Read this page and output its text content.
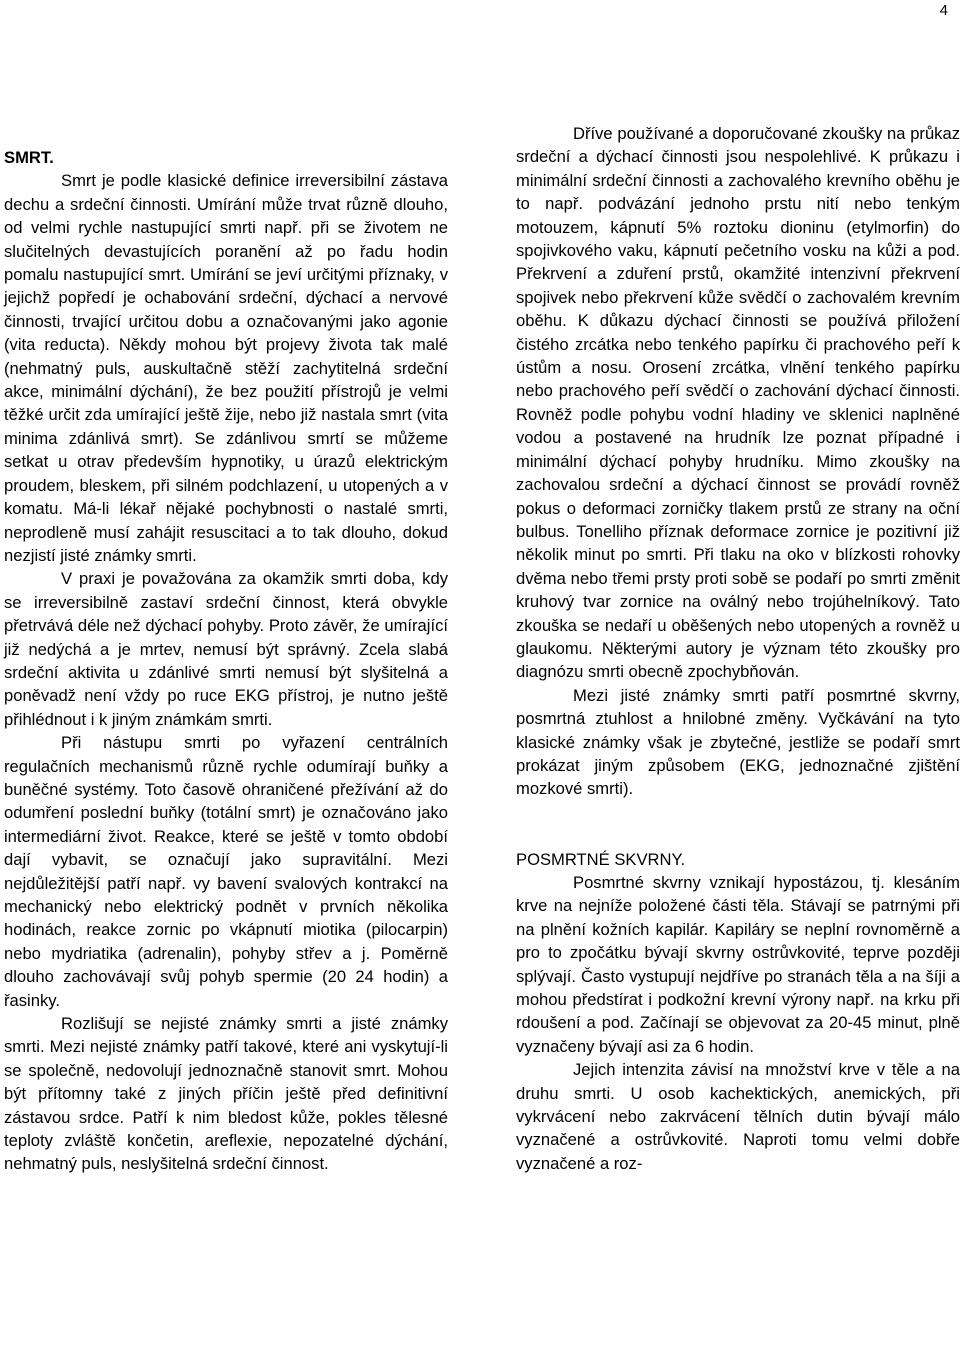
4

SMRT.

Smrt je podle klasické definice irreversibilní zástava dechu a srdeční činnosti. Umírání může trvat různě dlouho, od velmi rychle nastupující smrti např. při se životem ne slučitelných devastujících poranění až po řadu hodin pomalu nastupující smrt. Umírání se jeví určitými příznaky, v jejichž popředí je ochabování srdeční, dýchací a nervové činnosti, trvající určitou dobu a označovanými jako agonie (vita reducta). Někdy mohou být projevy života tak malé (nehmatný puls, auskultačně stěží zachytitelná srdeční akce, minimální dýchání), že bez použití přístrojů je velmi těžké určit zda umírající ještě žije, nebo již nastala smrt (vita minima zdánlivá smrt). Se zdánlivou smrtí se můžeme setkat u otrav především hypnotiky, u úrazů elektrickým proudem, bleskem, při silném podchlazení, u utopených a v komatu. Má-li lékař nějaké pochybnosti o nastalé smrti, neprodleně musí zahájit resuscitaci a to tak dlouho, dokud nezjistí jisté známky smrti.

V praxi je považována za okamžik smrti doba, kdy se irreversibilně zastaví srdeční činnost, která obvykle přetrvává déle než dýchací pohyby. Proto závěr, že umírající již nedýchá a je mrtev, nemusí být správný. Zcela slabá srdeční aktivita u zdánlivé smrti nemusí být slyšitelná a poněvadž není vždy po ruce EKG přístroj, je nutno ještě přihlédnout i k jiným známkám smrti.

Při nástupu smrti po vyřazení centrálních regulačních mechanismů různě rychle odumírají buňky a buněčné systémy. Toto časově ohraničené přežívání až do odumření poslední buňky (totální smrt) je označováno jako intermediární život. Reakce, které se ještě v tomto období dají vybavit, se označují jako supravitální. Mezi nejdůležitější patří např. vy bavení svalových kontrakcí na mechanický nebo elektrický podnět v prvních několika hodinách, reakce zornic po vkápnutí miotika (pilocarpin) nebo mydriatika (adrenalin), pohyby střev a j. Poměrně dlouho zachovávají svůj pohyb spermie (20 24 hodin) a řasinky.

Rozlišují se nejisté známky smrti a jisté známky smrti. Mezi nejisté známky patří takové, které ani vyskytují-li se společně, nedovolují jednoznačně stanovit smrt. Mohou být přítomny také z jiných příčin ještě před definitivní zástavou srdce. Patří k nim bledost kůže, pokles tělesné teploty zvláště končetin, areflexie, nepozatelné dýchání, nehmatný puls, neslyšitelná srdeční činnost.

Dříve používané a doporučované zkoušky na průkaz srdeční a dýchací činnosti jsou nespolehlivé. K průkazu i minimální srdeční činnosti a zachovalého krevního oběhu je to např. podvázání jednoho prstu nití nebo tenkým motouzem, kápnutí 5% roztoku dioninu (etylmorfin) do spojivkového vaku, kápnutí pečetního vosku na kůži a pod. Překrvení a zduření prstů, okamžité intenzivní překrvení spojivek nebo překrvení kůže svědčí o zachovalém krevním oběhu. K důkazu dýchací činnosti se používá přiložení čistého zrcátka nebo tenkého papírku či prachového peří k ústům a nosu. Orosení zrcátka, vlnění tenkého papírku nebo prachového peří svědčí o zachování dýchací činnosti. Rovněž podle pohybu vodní hladiny ve sklenici naplněné vodou a postavené na hrudník lze poznat případné i minimální dýchací pohyby hrudníku. Mimo zkoušky na zachovalou srdeční a dýchací činnost se provádí rovněž pokus o deformaci zorničky tlakem prstů ze strany na oční bulbus. Tonelliho příznak deformace zornice je pozitivní již několik minut po smrti. Při tlaku na oko v blízkosti rohovky dvěma nebo třemi prsty proti sobě se podaří po smrti změnit kruhový tvar zornice na oválný nebo trojúhelníkový. Tato zkouška se nedaří u oběšených nebo utopených a rovněž u glaukomu. Některými autory je význam této zkoušky pro diagnózu smrti obecně zpochybňován.

Mezi jisté známky smrti patří posmrtné skvrny, posmrtná ztuhlost a hnilobné změny. Vyčkávání na tyto klasické známky však je zbytečné, jestliže se podaří smrt prokázat jiným způsobem (EKG, jednoznačné zjištění mozkové smrti).

POSMRTNÉ SKVRNY.

Posmrtné skvrny vznikají hypostázou, tj. klesáním krve na nejníže položené části těla. Stávají se patrnými při na plnění kožních kapilár. Kapiláry se neplní rovnoměrně a pro to zpočátku bývají skvrny ostrůvkovité, teprve později splývají. Často vystupují nejdříve po stranách těla a na šíji a mohou předstírat i podkožní krevní výrony např. na krku při rdoušení a pod. Začínají se objevovat za 20-45 minut, plně vyznačeny bývají asi za 6 hodin.

Jejich intenzita závisí na množství krve v těle a na druhu smrti. U osob kachektických, anemických, při vykrvácení nebo zakrvácení tělních dutin bývají málo vyznačené a ostrůvkovité. Naproti tomu velmi dobře vyznačené a roz-
